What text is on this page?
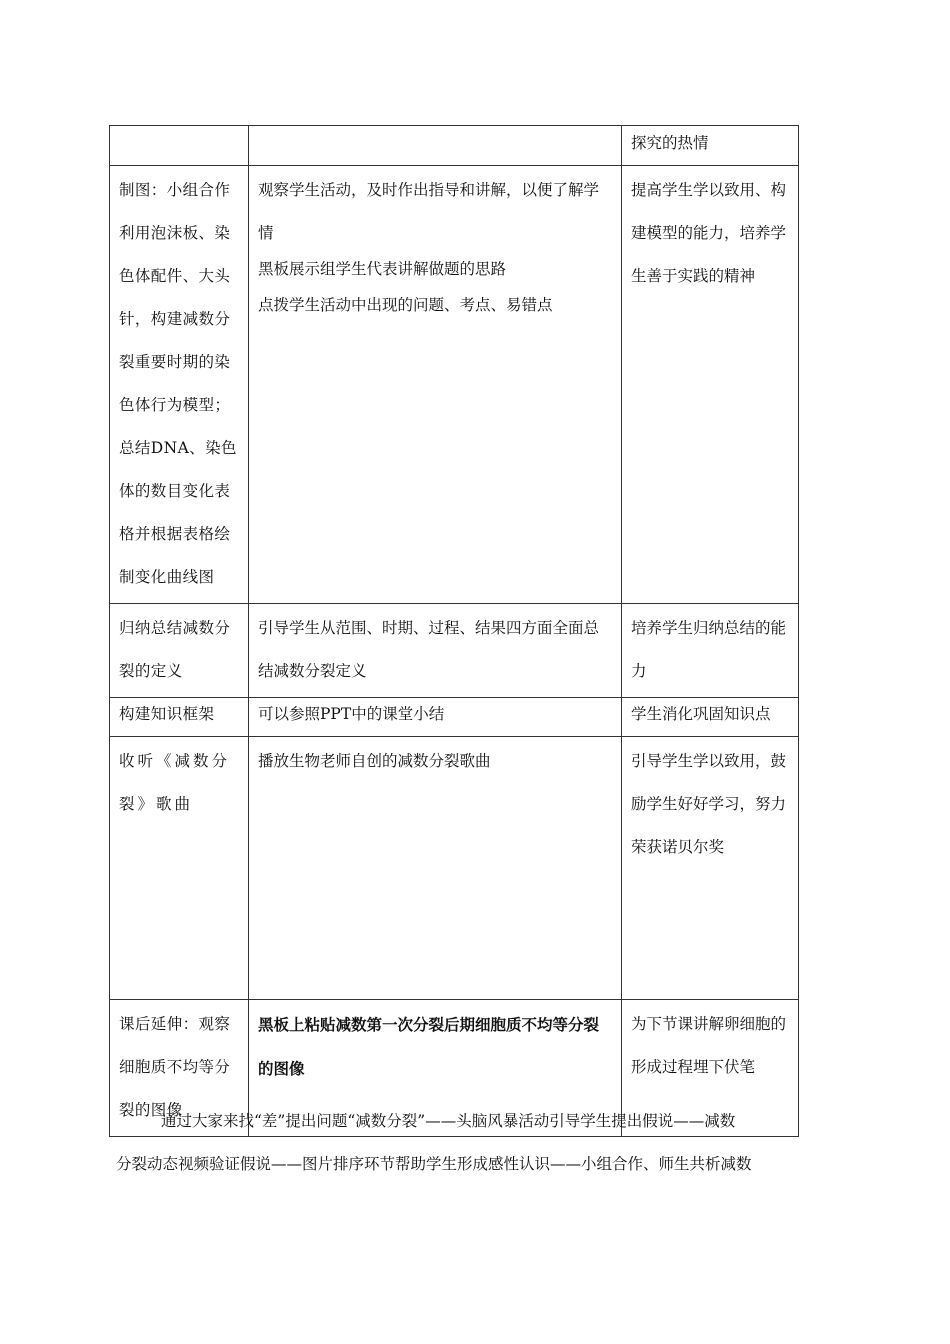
		探究的热情
制图：小组合作利用泡沫板、染色体配件、大头针，构建减数分裂重要时期的染色体行为模型；总结DNA、染色体的数目变化表格并根据表格绘制变化曲线图	观察学生活动，及时作出指导和讲解，以便了解学情
黑板展示组学生代表讲解做题的思路
点拨学生活动中出现的问题、考点、易错点	提高学生学以致用、构建模型的能力，培养学生善于实践的精神
归纳总结减数分裂的定义	引导学生从范围、时期、过程、结果四方面全面总结减数分裂定义	培养学生归纳总结的能力
构建知识框架	可以参照PPT中的课堂小结	学生消化巩固知识点
收听《减数分裂》歌曲	播放生物老师自创的减数分裂歌曲	引导学生学以致用，鼓励学生好好学习，努力荣获诺贝尔奖
课后延伸：观察细胞质不均等分裂的图像	黑板上粘贴减数第一次分裂后期细胞质不均等分裂的图像	为下节课讲解卵细胞的形成过程埋下伏笔
通过大家来找“差”提出问题“减数分裂”——头脑风暴活动引导学生提出假说——减数
分裂动态视频验证假说——图片排序环节帮助学生形成感性认识——小组合作、师生共析减数
